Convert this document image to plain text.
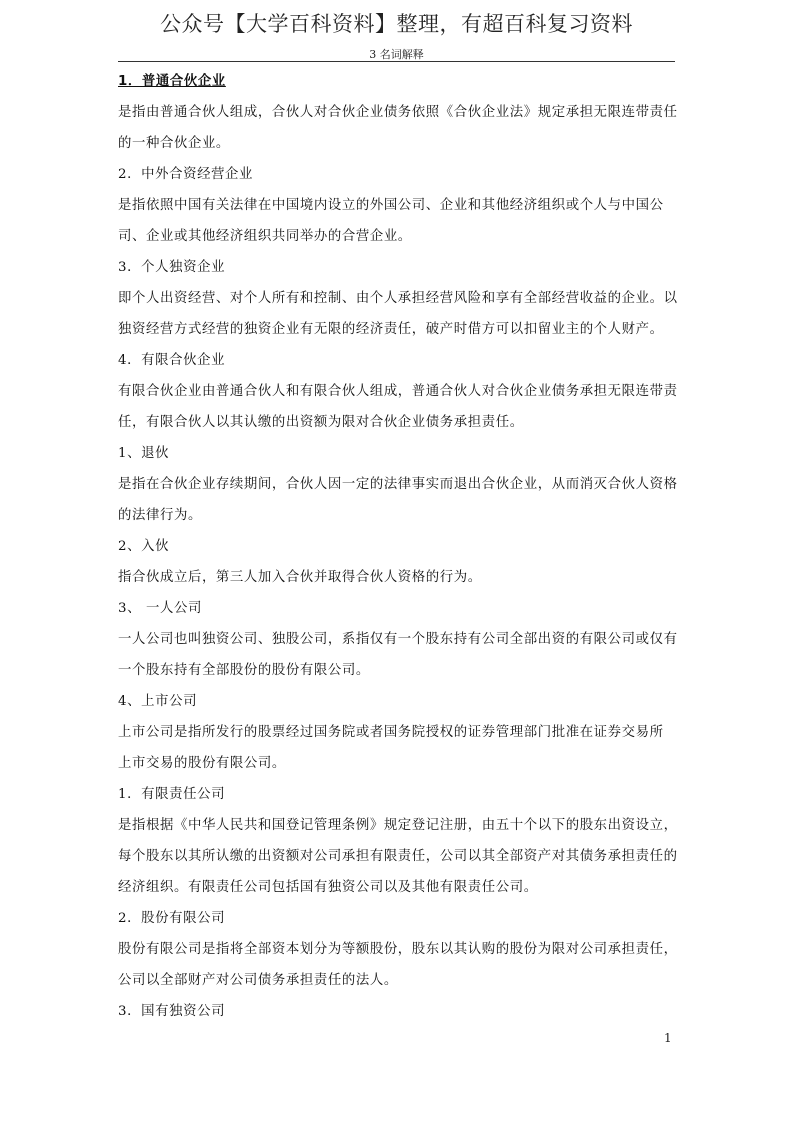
公众号【大学百科资料】整理，有超百科复习资料
3 名词解释
1．普通合伙企业
是指由普通合伙人组成，合伙人对合伙企业债务依照《合伙企业法》规定承担无限连带责任
的一种合伙企业。
2．中外合资经营企业
是指依照中国有关法律在中国境内设立的外国公司、企业和其他经济组织或个人与中国公
司、企业或其他经济组织共同举办的合营企业。
3．个人独资企业
即个人出资经营、对个人所有和控制、由个人承担经营风险和享有全部经营收益的企业。以
独资经营方式经营的独资企业有无限的经济责任，破产时借方可以扣留业主的个人财产。
4．有限合伙企业
有限合伙企业由普通合伙人和有限合伙人组成，普通合伙人对合伙企业债务承担无限连带责
任，有限合伙人以其认缴的出资额为限对合伙企业债务承担责任。
1、退伙
是指在合伙企业存续期间，合伙人因一定的法律事实而退出合伙企业，从而消灭合伙人资格
的法律行为。
2、入伙
指合伙成立后，第三人加入合伙并取得合伙人资格的行为。
3、 一人公司
一人公司也叫独资公司、独股公司，系指仅有一个股东持有公司全部出资的有限公司或仅有
一个股东持有全部股份的股份有限公司。
4、上市公司
上市公司是指所发行的股票经过国务院或者国务院授权的证券管理部门批准在证券交易所
上市交易的股份有限公司。
1．有限责任公司
是指根据《中华人民共和国登记管理条例》规定登记注册，由五十个以下的股东出资设立，
每个股东以其所认缴的出资额对公司承担有限责任，公司以其全部资产对其债务承担责任的
经济组织。有限责任公司包括国有独资公司以及其他有限责任公司。
2．股份有限公司
股份有限公司是指将全部资本划分为等额股份，股东以其认购的股份为限对公司承担责任，
公司以全部财产对公司债务承担责任的法人。
3．国有独资公司
1
